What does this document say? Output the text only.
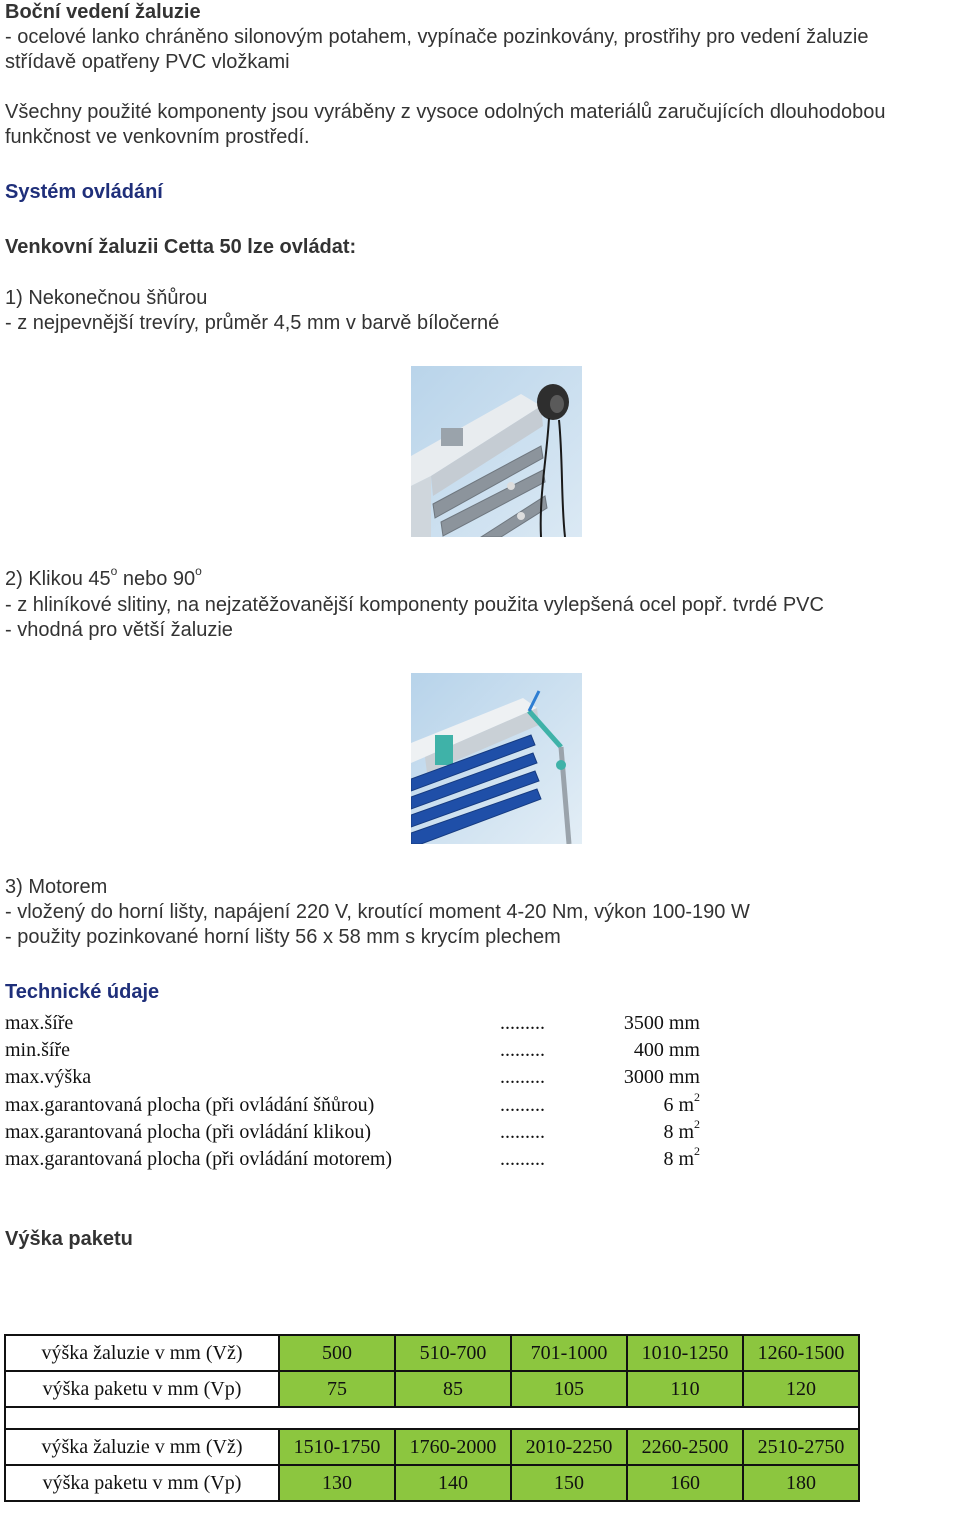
Boční vedení žaluzie
- ocelové lanko chráněno silonovým potahem, vypínače pozinkovány, prostřihy pro vedení žaluzie
střídavě opatřeny PVC vložkami
Všechny použité komponenty jsou vyráběny z vysoce odolných materiálů zaručujících dlouhodobou
funkčnost ve venkovním prostředí.
Systém ovládání
Venkovní žaluzii Cetta 50 lze ovládat:
1) Nekonečnou šňůrou
- z nejpevnější trevíry, průměr 4,5 mm v barvě bíločerné
2) Klikou 45$^o$ nebo 90$^o$
- z hliníkové slitiny, na nejzatěžovanější komponenty použita vylepšená ocel popř. tvrdé PVC
- vhodná pro větší žaluzie
3) Motorem
- vložený do horní lišty, napájení 220 V, kroutící moment 4-20 Nm, výkon 100-190 W
- použity pozinkované horní lišty 56 x 58 mm s krycím plechem
Technické údaje
max.šíře	.........	3500 mm
min.šíře	.........	400 mm
max.výška	.........	3000 mm
max.garantovaná plocha (při ovládání šňůrou)	.........	6 $m^2$
max.garantovaná plocha (při ovládání klikou)	.........	8 $m^2$
max.garantovaná plocha (při ovládání motorem)	.........	8 $m^2$
Výška paketu
výška žaluzie v mm (Vž)	500	510-700	701-1000	1010-1250	1260-1500
výška paketu v mm (Vp)	75	85	105	110	120

výška žaluzie v mm (Vž)	1510-1750	1760-2000	2010-2250	2260-2500	2510-2750
výška paketu v mm (Vp)	130	140	150	160	180
